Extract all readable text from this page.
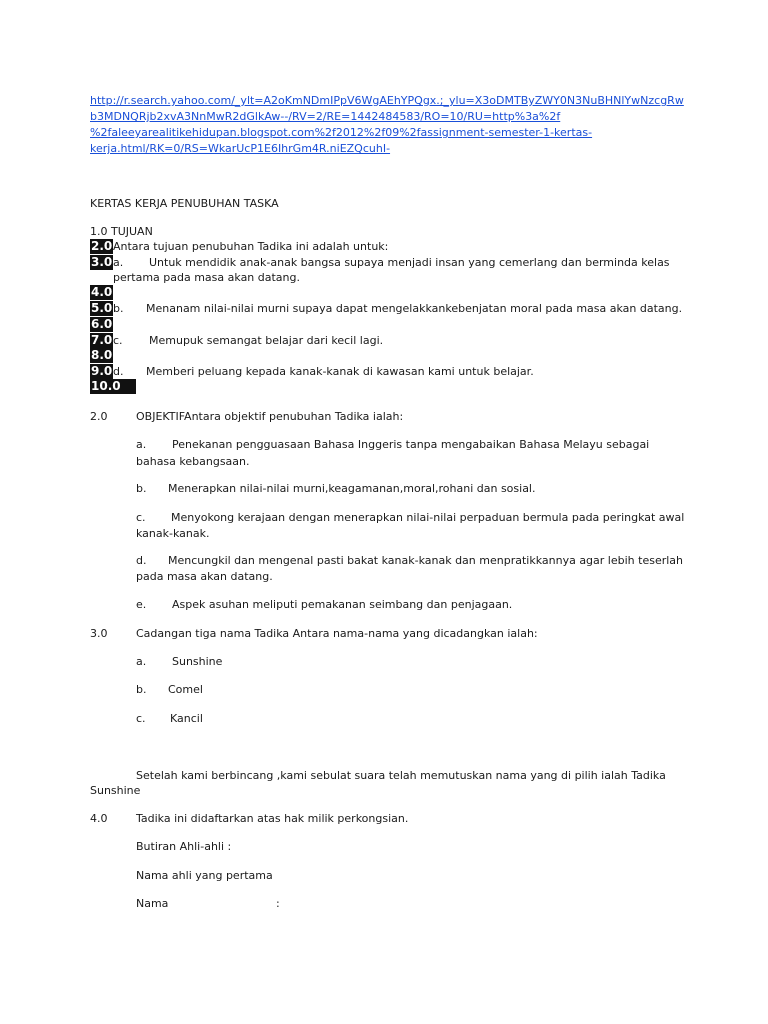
http://r.search.yahoo.com/_ylt=A2oKmNDmIPpV6WgAEhYPQgx.;_ylu=X3oDMTByZWY0N3NuBHNlYwNzcgRw
b3MDNQRjb2xvA3NnMwR2dGlkAw--/RV=2/RE=1442484583/RO=10/RU=http%3a%2f
%2faleeyarealitikehidupan.blogspot.com%2f2012%2f09%2fassignment-semester-1-kertas-
kerja.html/RK=0/RS=WkarUcP1E6IhrGm4R.niEZQcuhI-
KERTAS KERJA PENUBUHAN TASKA
1.0 TUJUAN
2.0
3.0
4.0
5.0
6.0
7.0
8.0
9.0
10.0
Antara tujuan penubuhan Tadika ini adalah untuk:
a. Untuk mendidik anak-anak bangsa supaya menjadi insan yang cemerlang dan berminda kelas
pertama pada masa akan datang.
b. Menanam nilai-nilai murni supaya dapat mengelakkankebenjatan moral pada masa akan datang.
c. Memupuk semangat belajar dari kecil lagi.
d. Memberi peluang kepada kanak-kanak di kawasan kami untuk belajar.
2.0	OBJEKTIFAntara objektif penubuhan Tadika ialah:
a. Penekanan pengguasaan Bahasa Inggeris tanpa mengabaikan Bahasa Melayu sebagai
bahasa kebangsaan.
b. Menerapkan nilai-nilai murni,keagamanan,moral,rohani dan sosial.
c. Menyokong kerajaan dengan menerapkan nilai-nilai perpaduan bermula pada peringkat awal
kanak-kanak.
d. Mencungkil dan mengenal pasti bakat kanak-kanak dan menpratikkannya agar lebih teserlah
pada masa akan datang.
e. Aspek asuhan meliputi pemakanan seimbang dan penjagaan.
3.0	Cadangan tiga nama Tadika Antara nama-nama yang dicadangkan ialah:
a. Sunshine
b. Comel
c. Kancil
Setelah kami berbincang ,kami sebulat suara telah memutuskan nama yang di pilih ialah Tadika
Sunshine
4.0	Tadika ini didaftarkan atas hak milik perkongsian.
Butiran Ahli-ahli :
Nama ahli yang pertama
Nama	:
